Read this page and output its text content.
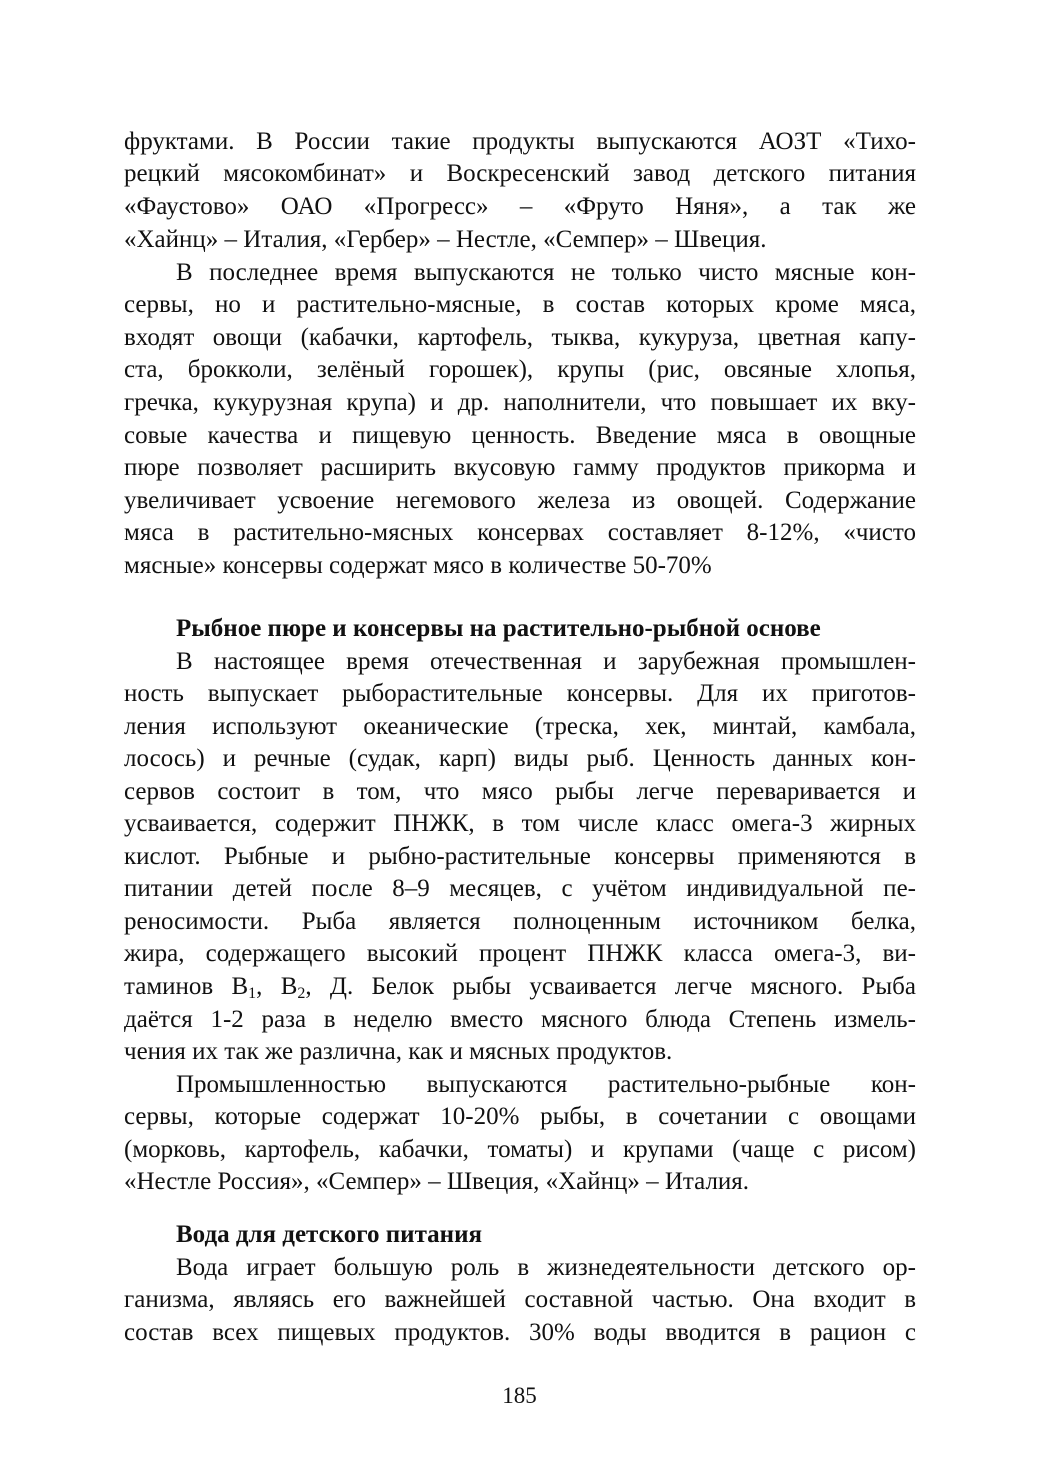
фруктами. В России такие продукты выпускаются АОЗТ «Тихо-
рецкий мясокомбинат» и Воскресенский завод детского питания
«Фаустово» ОАО «Прогресс» – «Фруто Няня», а так же
«Хайнц» – Италия, «Гербер» – Нестле, «Семпер» – Швеция.
В последнее время выпускаются не только чисто мясные кон-
сервы, но и растительно-мясные, в состав которых кроме мяса,
входят овощи (кабачки, картофель, тыква, кукуруза, цветная капу-
ста, брокколи, зелёный горошек), крупы (рис, овсяные хлопья,
гречка, кукурузная крупа) и др. наполнители, что повышает их вку-
совые качества и пищевую ценность. Введение мяса в овощные
пюре позволяет расширить вкусовую гамму продуктов прикорма и
увеличивает усвоение негемового железа из овощей. Содержание
мяса в растительно-мясных консервах составляет 8-12%, «чисто
мясные» консервы содержат мясо в количестве 50-70%
Рыбное пюре и консервы на растительно-рыбной основе
В настоящее время отечественная и зарубежная промышлен-
ность выпускает рыборастительные консервы. Для их приготов-
ления используют океанические (треска, хек, минтай, камбала,
лосось) и речные (судак, карп) виды рыб. Ценность данных кон-
сервов состоит в том, что мясо рыбы легче переваривается и
усваивается, содержит ПНЖК, в том числе класс омега-3 жирных
кислот. Рыбные и рыбно-растительные консервы применяются в
питании детей после 8–9 месяцев, с учётом индивидуальной пе-
реносимости. Рыба является полноценным источником белка,
жира, содержащего высокий процент ПНЖК класса омега-3, ви-
таминов $В_1$, $В_2$, Д. Белок рыбы усваивается легче мясного. Рыба
даётся 1-2 раза в неделю вместо мясного блюда Степень измель-
чения их так же различна, как и мясных продуктов.
Промышленностью выпускаются растительно-рыбные кон-
сервы, которые содержат 10-20% рыбы, в сочетании с овощами
(морковь, картофель, кабачки, томаты) и крупами (чаще с рисом)
«Нестле Россия», «Семпер» – Швеция, «Хайнц» – Италия.
Вода для детского питания
Вода играет большую роль в жизнедеятельности детского ор-
ганизма, являясь его важнейшей составной частью. Она входит в
состав всех пищевых продуктов. 30% воды вводится в рацион с
185
